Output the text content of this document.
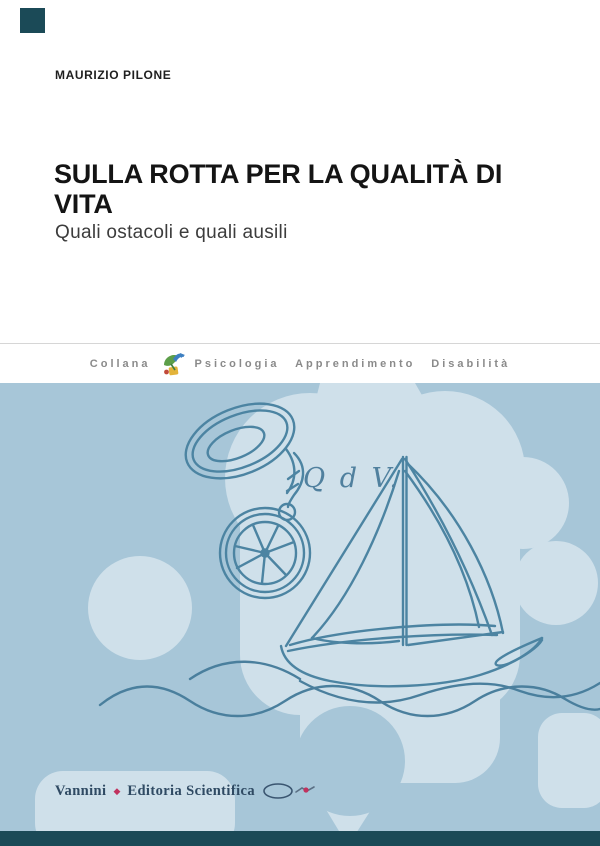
MAURIZIO PILONE
SULLA ROTTA PER LA QUALITÀ DI VITA
Quali ostacoli e quali ausili
Collana	Psicologia Apprendimento Disabilità
Q d V.
Vannini ◆ Editoria Scientifica
